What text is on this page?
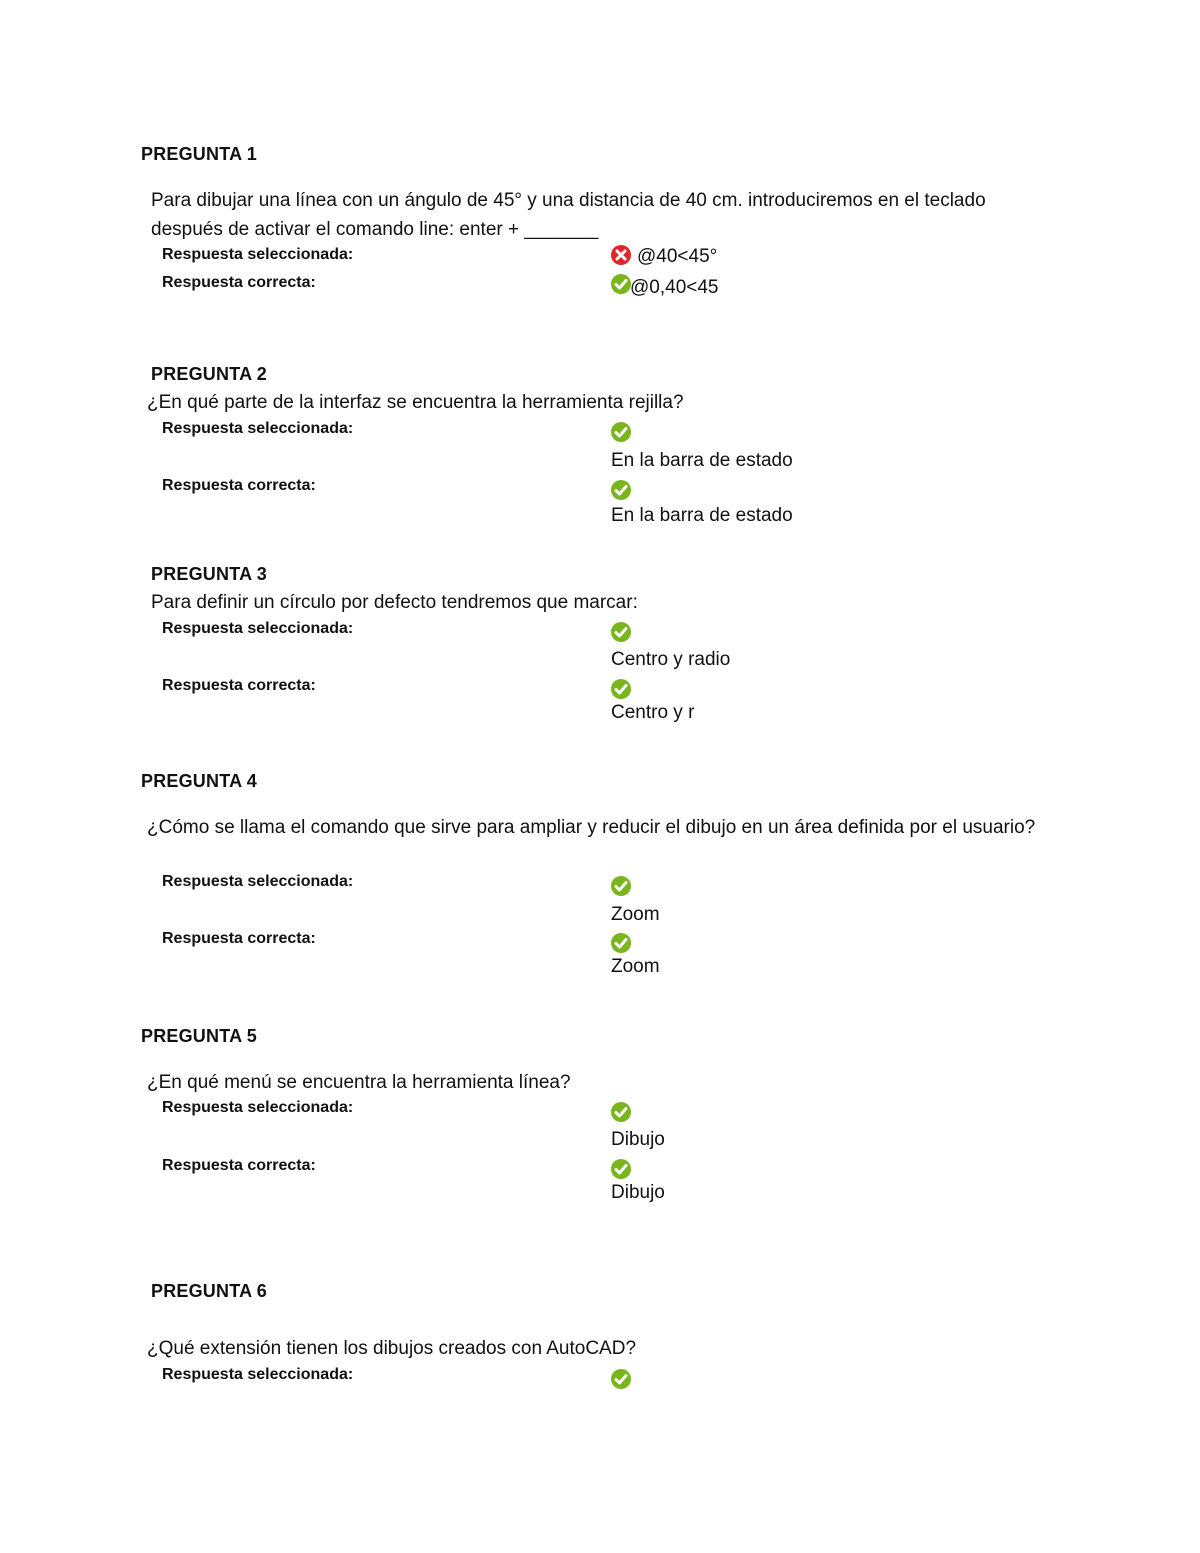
PREGUNTA 1
Para dibujar una línea con un ángulo de 45° y una distancia de 40 cm. introduciremos en el teclado después de activar el comando line: enter + _______
Respuesta seleccionada:	@40<45°
Respuesta correcta:	@0,40<45
PREGUNTA 2
¿En qué parte de la interfaz se encuentra la herramienta rejilla?
Respuesta seleccionada:
En la barra de estado
Respuesta correcta:
En la barra de estado
PREGUNTA 3
Para definir un círculo por defecto tendremos que marcar:
Respuesta seleccionada:
Centro y radio
Respuesta correcta:
Centro y r
PREGUNTA 4
¿Cómo se llama el comando que sirve para ampliar y reducir el dibujo en un área definida por el usuario?
Respuesta seleccionada:
Zoom
Respuesta correcta:
Zoom
PREGUNTA 5
¿En qué menú se encuentra la herramienta línea?
Respuesta seleccionada:
Dibujo
Respuesta correcta:
Dibujo
PREGUNTA 6
¿Qué extensión tienen los dibujos creados con AutoCAD?
Respuesta seleccionada:
